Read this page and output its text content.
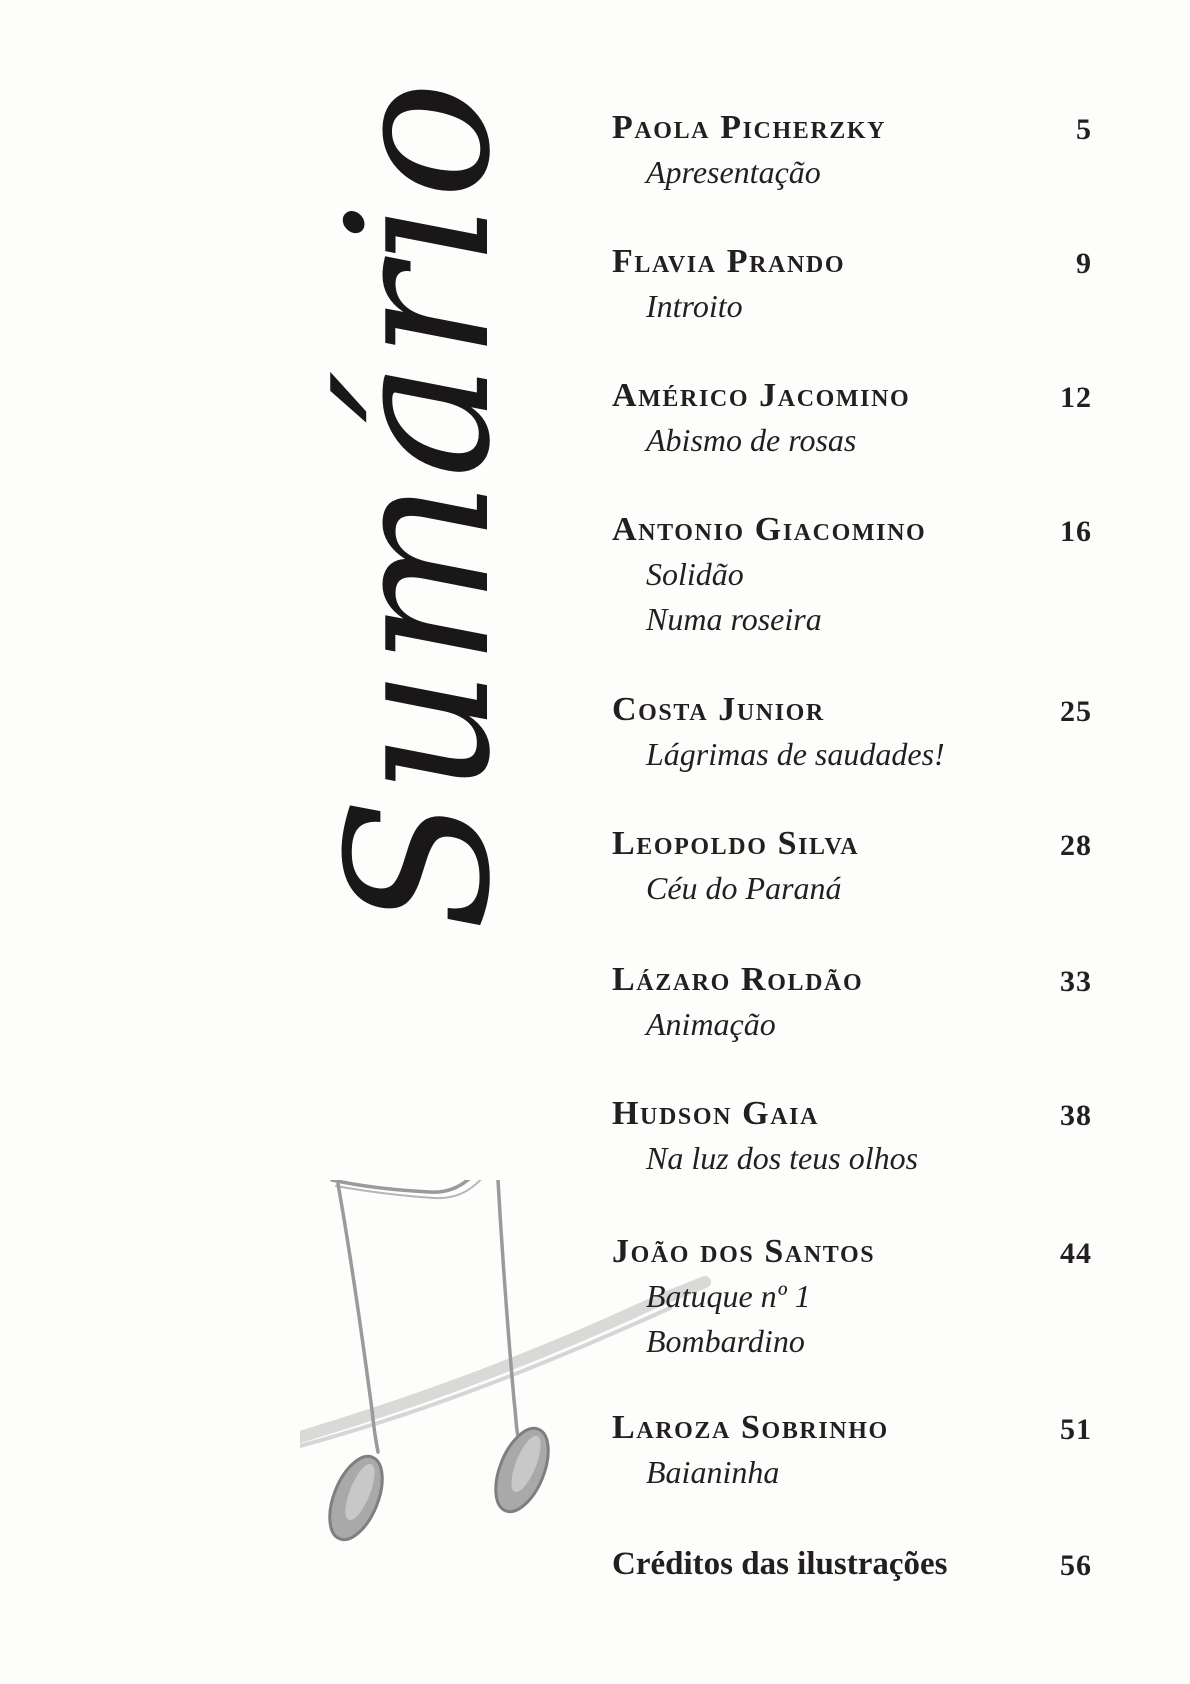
Sumário Paola Picherzky	5
Apresentação
Flavia Prando	9
Introito
Américo Jacomino	12
Abismo de rosas
Antonio Giacomino	16
Solidão
Numa roseira
Costa Junior	25
Lágrimas de saudades!
Leopoldo Silva	28
Céu do Paraná
Lázaro Roldão	33
Animação
Hudson Gaia	38
Na luz dos teus olhos
João dos Santos	44
Batuque nº 1
Bombardino
Laroza Sobrinho	51
Baianinha
Créditos das ilustrações	56
